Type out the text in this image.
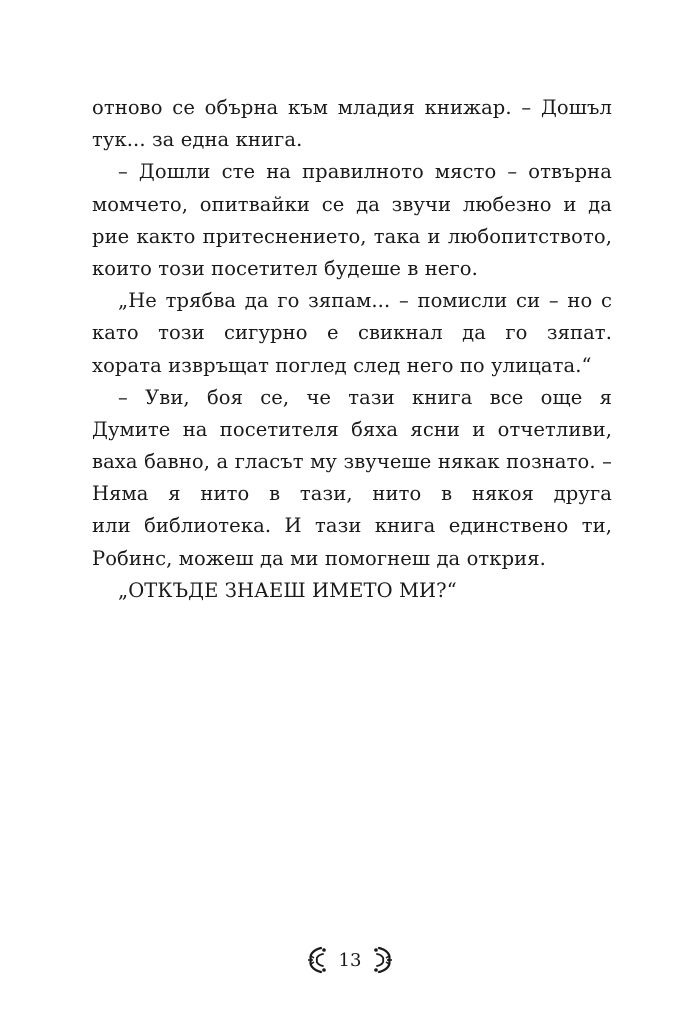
отново се обърна към младия книжар. – Дошъл
тук... за една книга.
– Дошли сте на правилното място – отвърна
момчето, опитвайки се да звучи любезно и да
рие както притеснението, така и любопитството,
които този посетител будеше в него.
„Не трябва да го зяпам... – помисли си – но с
като този сигурно е свикнал да го зяпат.
хората извръщат поглед след него по улицата.“
– Уви, боя се, че тази книга все още я
Думите на посетителя бяха ясни и отчетливи,
ваха бавно, а гласът му звучеше някак познато. –
Няма я нито в тази, нито в някоя друга
или библиотека. И тази книга единствено ти,
Робинс, можеш да ми помогнеш да открия.
„ОТКЪДЕ ЗНАЕШ ИМЕТО МИ?“
13
